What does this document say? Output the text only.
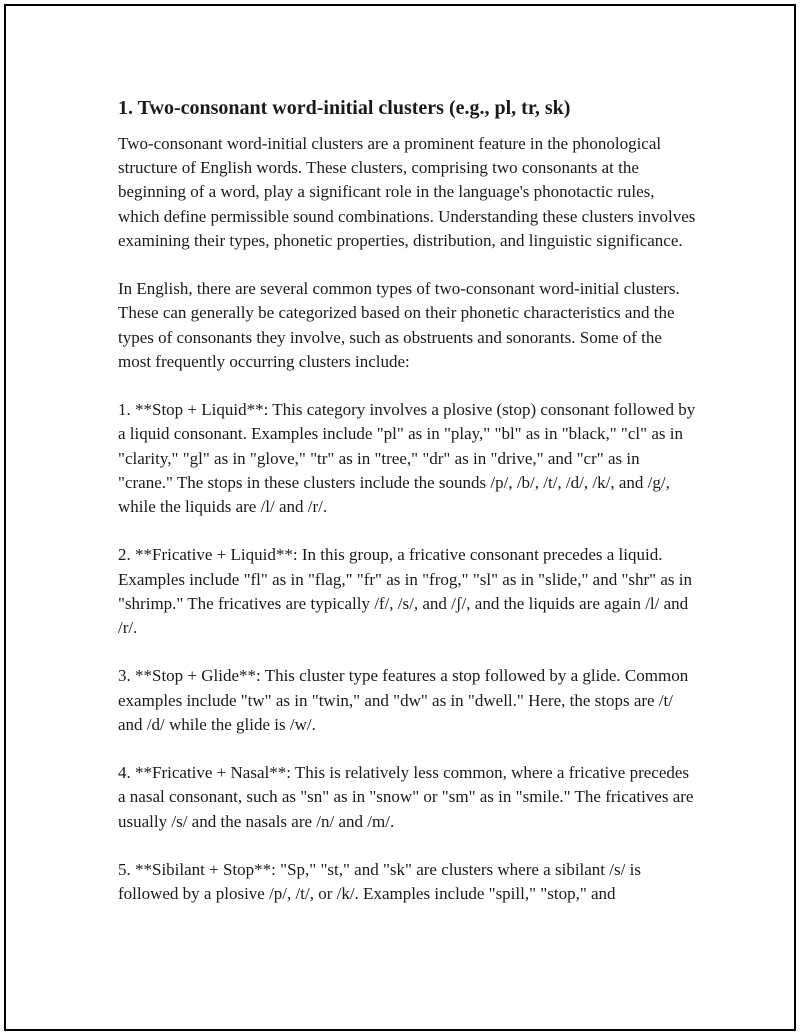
1. Two-consonant word-initial clusters (e.g., pl, tr, sk)

Two-consonant word-initial clusters are a prominent feature in the phonological structure of English words. These clusters, comprising two consonants at the beginning of a word, play a significant role in the language's phonotactic rules, which define permissible sound combinations. Understanding these clusters involves examining their types, phonetic properties, distribution, and linguistic significance.

In English, there are several common types of two-consonant word-initial clusters. These can generally be categorized based on their phonetic characteristics and the types of consonants they involve, such as obstruents and sonorants. Some of the most frequently occurring clusters include:

1. **Stop + Liquid**: This category involves a plosive (stop) consonant followed by a liquid consonant. Examples include "pl" as in "play," "bl" as in "black," "cl" as in "clarity," "gl" as in "glove," "tr" as in "tree," "dr" as in "drive," and "cr" as in "crane." The stops in these clusters include the sounds /p/, /b/, /t/, /d/, /k/, and /g/, while the liquids are /l/ and /r/.

2. **Fricative + Liquid**: In this group, a fricative consonant precedes a liquid. Examples include "fl" as in "flag," "fr" as in "frog," "sl" as in "slide," and "shr" as in "shrimp." The fricatives are typically /f/, /s/, and /ʃ/, and the liquids are again /l/ and /r/.

3. **Stop + Glide**: This cluster type features a stop followed by a glide. Common examples include "tw" as in "twin," and "dw" as in "dwell." Here, the stops are /t/ and /d/ while the glide is /w/.

4. **Fricative + Nasal**: This is relatively less common, where a fricative precedes a nasal consonant, such as "sn" as in "snow" or "sm" as in "smile." The fricatives are usually /s/ and the nasals are /n/ and /m/.

5. **Sibilant + Stop**: "Sp," "st," and "sk" are clusters where a sibilant /s/ is followed by a plosive /p/, /t/, or /k/. Examples include "spill," "stop," and
